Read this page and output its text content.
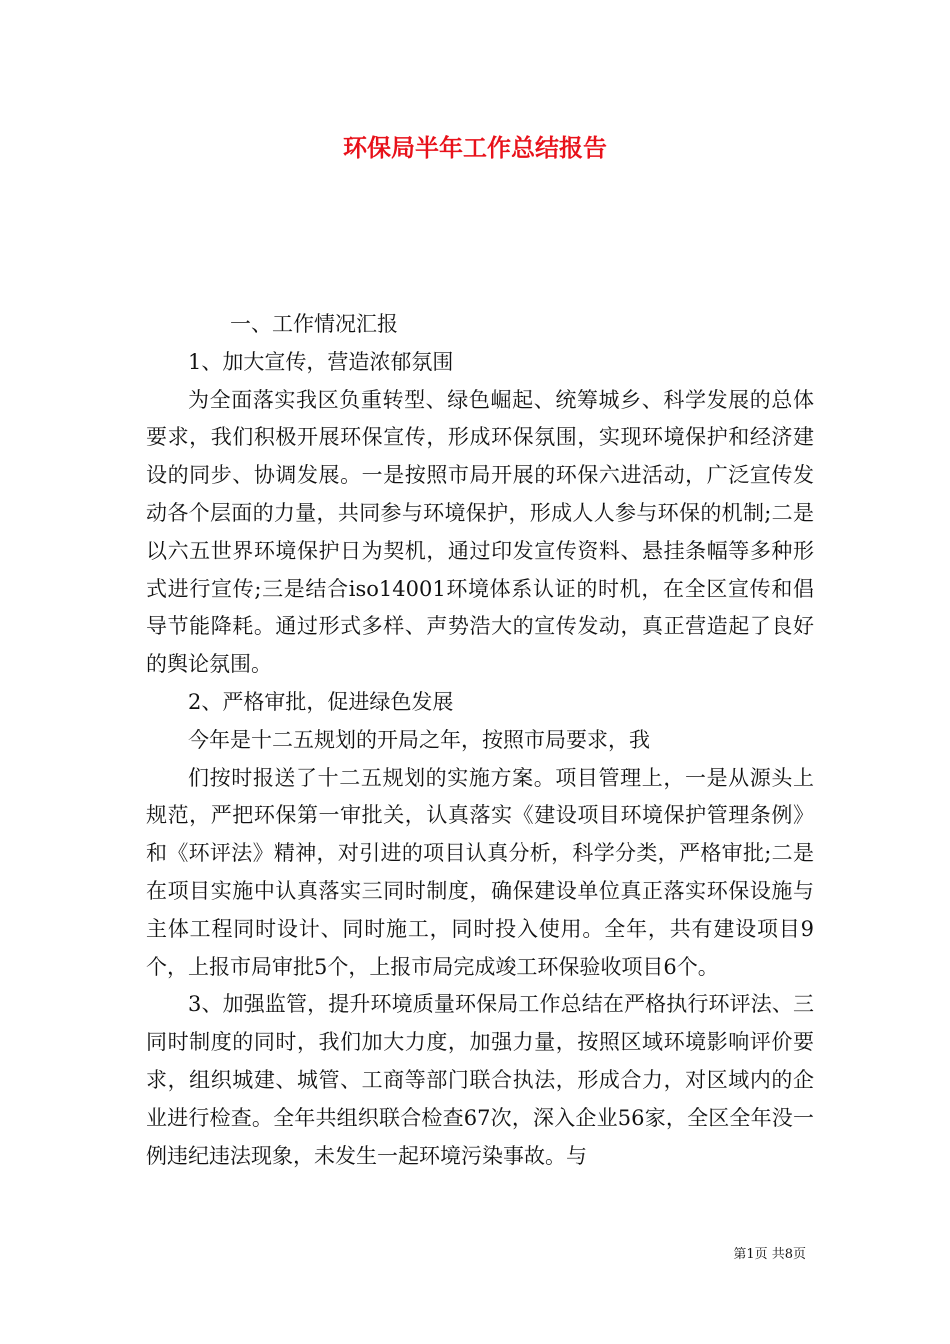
环保局半年工作总结报告

一、工作情况汇报

1、加大宣传，营造浓郁氛围

为全面落实我区负重转型、绿色崛起、统筹城乡、科学发展的总体要求，我们积极开展环保宣传，形成环保氛围，实现环境保护和经济建设的同步、协调发展。一是按照市局开展的环保六进活动，广泛宣传发动各个层面的力量，共同参与环境保护，形成人人参与环保的机制;二是以六五世界环境保护日为契机，通过印发宣传资料、悬挂条幅等多种形式进行宣传;三是结合iso14001环境体系认证的时机，在全区宣传和倡导节能降耗。通过形式多样、声势浩大的宣传发动，真正营造起了良好的舆论氛围。

2、严格审批，促进绿色发展

今年是十二五规划的开局之年，按照市局要求，我

们按时报送了十二五规划的实施方案。项目管理上，一是从源头上规范，严把环保第一审批关，认真落实《建设项目环境保护管理条例》和《环评法》精神，对引进的项目认真分析，科学分类，严格审批;二是在项目实施中认真落实三同时制度，确保建设单位真正落实环保设施与主体工程同时设计、同时施工，同时投入使用。全年，共有建设项目9个，上报市局审批5个，上报市局完成竣工环保验收项目6个。

3、加强监管，提升环境质量环保局工作总结在严格执行环评法、三同时制度的同时，我们加大力度，加强力量，按照区域环境影响评价要求，组织城建、城管、工商等部门联合执法，形成合力，对区域内的企业进行检查。全年共组织联合检查67次，深入企业56家，全区全年没一例违纪违法现象，未发生一起环境污染事故。与

第1页 共8页
